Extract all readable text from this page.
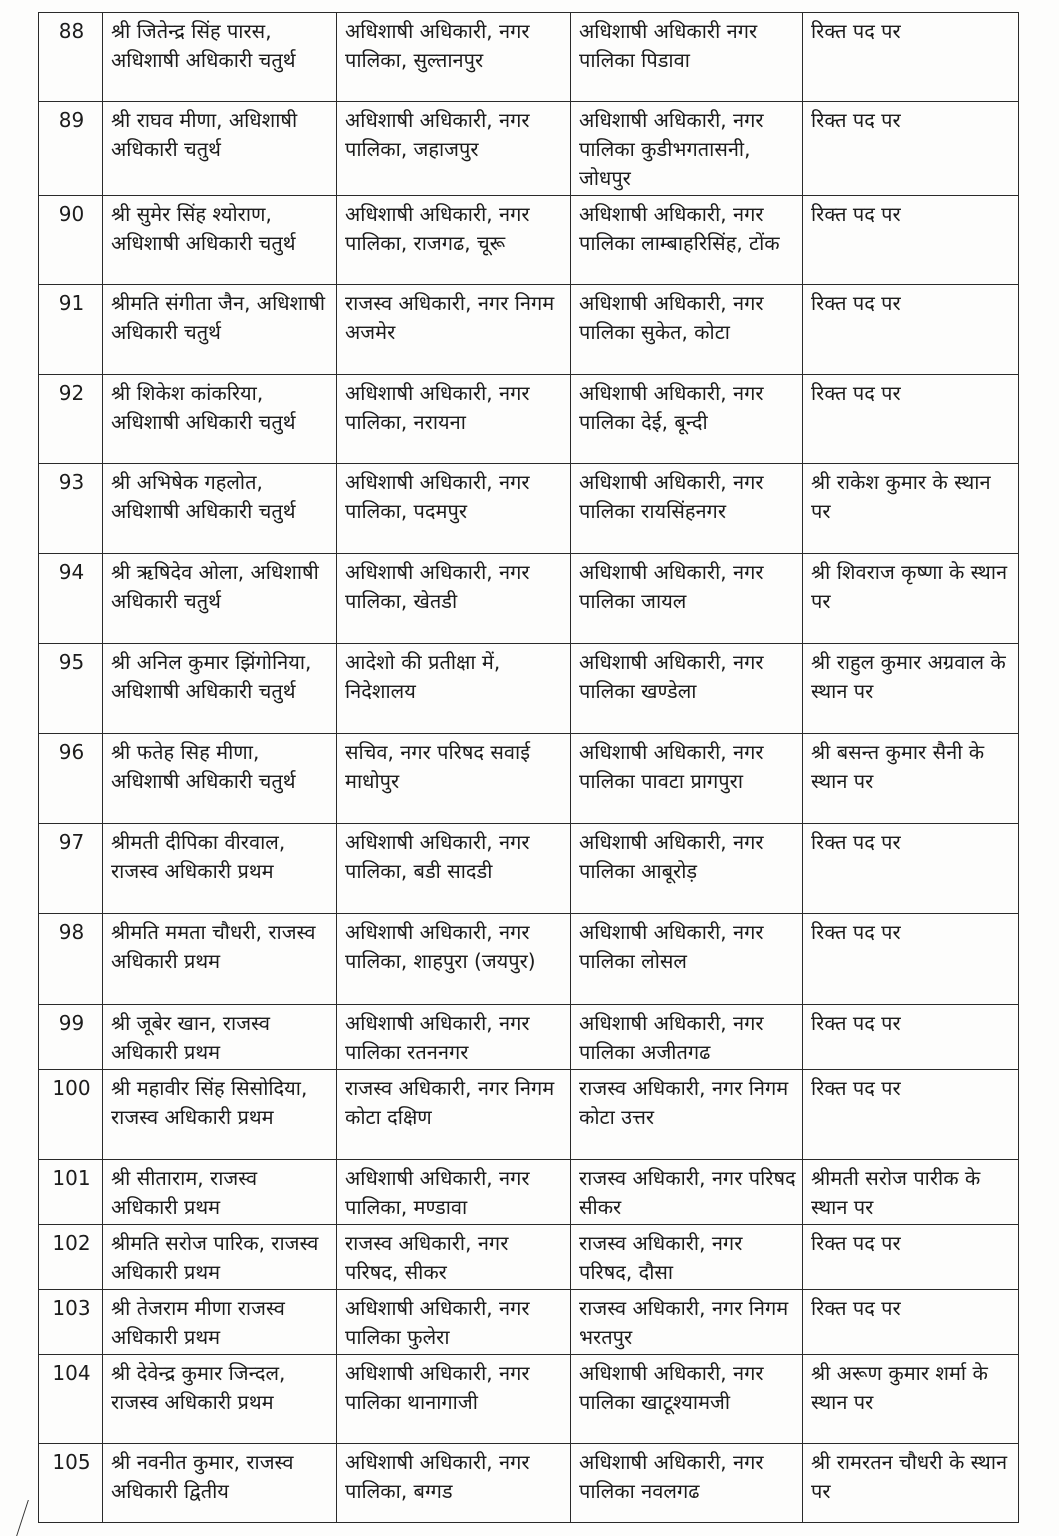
88	श्री जितेन्द्र सिंह पारस, अधिशाषी अधिकारी चतुर्थ	अधिशाषी अधिकारी, नगर पालिका, सुल्तानपुर	अधिशाषी अधिकारी नगर पालिका पिडावा	रिक्त पद पर
89	श्री राघव मीणा, अधिशाषी अधिकारी चतुर्थ	अधिशाषी अधिकारी, नगर पालिका, जहाजपुर	अधिशाषी अधिकारी, नगर पालिका कुडीभगतासनी, जोधपुर	रिक्त पद पर
90	श्री सुमेर सिंह श्योराण, अधिशाषी अधिकारी चतुर्थ	अधिशाषी अधिकारी, नगर पालिका, राजगढ, चूरू	अधिशाषी अधिकारी, नगर पालिका लाम्बाहरिसिंह, टोंक	रिक्त पद पर
91	श्रीमति संगीता जैन, अधिशाषी अधिकारी चतुर्थ	राजस्व अधिकारी, नगर निगम अजमेर	अधिशाषी अधिकारी, नगर पालिका सुकेत, कोटा	रिक्त पद पर
92	श्री शिकेश कांकरिया, अधिशाषी अधिकारी चतुर्थ	अधिशाषी अधिकारी, नगर पालिका, नरायना	अधिशाषी अधिकारी, नगर पालिका देई, बून्दी	रिक्त पद पर
93	श्री अभिषेक गहलोत, अधिशाषी अधिकारी चतुर्थ	अधिशाषी अधिकारी, नगर पालिका, पदमपुर	अधिशाषी अधिकारी, नगर पालिका रायसिंहनगर	श्री राकेश कुमार के स्थान पर
94	श्री ऋषिदेव ओला, अधिशाषी अधिकारी चतुर्थ	अधिशाषी अधिकारी, नगर पालिका, खेतडी	अधिशाषी अधिकारी, नगर पालिका जायल	श्री शिवराज कृष्णा के स्थान पर
95	श्री अनिल कुमार झिंगोनिया, अधिशाषी अधिकारी चतुर्थ	आदेशो की प्रतीक्षा में, निदेशालय	अधिशाषी अधिकारी, नगर पालिका खण्डेला	श्री राहुल कुमार अग्रवाल के स्थान पर
96	श्री फतेह सिह मीणा, अधिशाषी अधिकारी चतुर्थ	सचिव, नगर परिषद सवाई माधोपुर	अधिशाषी अधिकारी, नगर पालिका पावटा प्रागपुरा	श्री बसन्त कुमार सैनी के स्थान पर
97	श्रीमती दीपिका वीरवाल, राजस्व अधिकारी प्रथम	अधिशाषी अधिकारी, नगर पालिका, बडी सादडी	अधिशाषी अधिकारी, नगर पालिका आबूरोड़	रिक्त पद पर
98	श्रीमति ममता चौधरी, राजस्व अधिकारी प्रथम	अधिशाषी अधिकारी, नगर पालिका, शाहपुरा (जयपुर)	अधिशाषी अधिकारी, नगर पालिका लोसल	रिक्त पद पर
99	श्री जूबेर खान, राजस्व अधिकारी प्रथम	अधिशाषी अधिकारी, नगर पालिका रतननगर	अधिशाषी अधिकारी, नगर पालिका अजीतगढ	रिक्त पद पर
100	श्री महावीर सिंह सिसोदिया, राजस्व अधिकारी प्रथम	राजस्व अधिकारी, नगर निगम कोटा दक्षिण	राजस्व अधिकारी, नगर निगम कोटा उत्तर	रिक्त पद पर
101	श्री सीताराम, राजस्व अधिकारी प्रथम	अधिशाषी अधिकारी, नगर पालिका, मण्डावा	राजस्व अधिकारी, नगर परिषद सीकर	श्रीमती सरोज पारीक के स्थान पर
102	श्रीमति सरोज पारिक, राजस्व अधिकारी प्रथम	राजस्व अधिकारी, नगर परिषद, सीकर	राजस्व अधिकारी, नगर परिषद, दौसा	रिक्त पद पर
103	श्री तेजराम मीणा राजस्व अधिकारी प्रथम	अधिशाषी अधिकारी, नगर पालिका फुलेरा	राजस्व अधिकारी, नगर निगम भरतपुर	रिक्त पद पर
104	श्री देवेन्द्र कुमार जिन्दल, राजस्व अधिकारी प्रथम	अधिशाषी अधिकारी, नगर पालिका थानागाजी	अधिशाषी अधिकारी, नगर पालिका खाटूश्यामजी	श्री अरूण कुमार शर्मा के स्थान पर
105	श्री नवनीत कुमार, राजस्व अधिकारी द्वितीय	अधिशाषी अधिकारी, नगर पालिका, बग्गड	अधिशाषी अधिकारी, नगर पालिका नवलगढ	श्री रामरतन चौधरी के स्थान पर
